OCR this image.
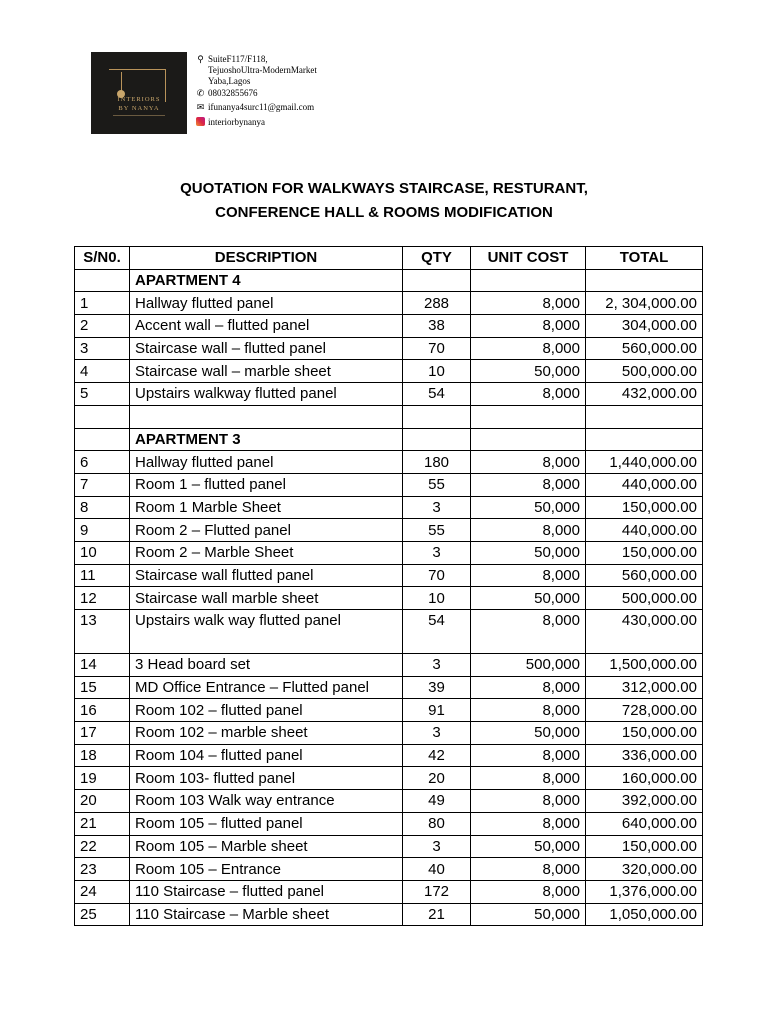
INTERIORS
BY NANYA
⚲ SuiteF117/F118,
TejuoshoUltra-ModernMarket
Yaba,Lagos
✆ 08032855676
✉ ifunanya4surc11@gmail.com
interiorbynanya
QUOTATION FOR WALKWAYS STAIRCASE, RESTURANT,
CONFERENCE HALL & ROOMS MODIFICATION
S/N0.	DESCRIPTION	QTY	UNIT COST	TOTAL
	APARTMENT 4			
1	Hallway flutted panel	288	8,000	2, 304,000.00
2	Accent wall – flutted panel	38	8,000	304,000.00
3	Staircase wall – flutted panel	70	8,000	560,000.00
4	Staircase wall – marble sheet	10	50,000	500,000.00
5	Upstairs walkway flutted panel	54	8,000	432,000.00

	APARTMENT 3			
6	Hallway flutted panel	180	8,000	1,440,000.00
7	Room 1 – flutted panel	55	8,000	440,000.00
8	Room 1 Marble Sheet	3	50,000	150,000.00
9	Room 2 – Flutted panel	55	8,000	440,000.00
10	Room 2 – Marble Sheet	3	50,000	150,000.00
11	Staircase wall flutted panel	70	8,000	560,000.00
12	Staircase wall marble sheet	10	50,000	500,000.00
13	Upstairs walk way flutted panel	54	8,000	430,000.00
14	3 Head board set	3	500,000	1,500,000.00
15	MD Office Entrance – Flutted panel	39	8,000	312,000.00
16	Room 102 – flutted panel	91	8,000	728,000.00
17	Room 102 – marble sheet	3	50,000	150,000.00
18	Room 104 – flutted panel	42	8,000	336,000.00
19	Room 103- flutted panel	20	8,000	160,000.00
20	Room 103 Walk way entrance	49	8,000	392,000.00
21	Room 105 – flutted panel	80	8,000	640,000.00
22	Room 105 – Marble sheet	3	50,000	150,000.00
23	Room 105 – Entrance	40	8,000	320,000.00
24	110 Staircase – flutted panel	172	8,000	1,376,000.00
25	110 Staircase – Marble sheet	21	50,000	1,050,000.00
